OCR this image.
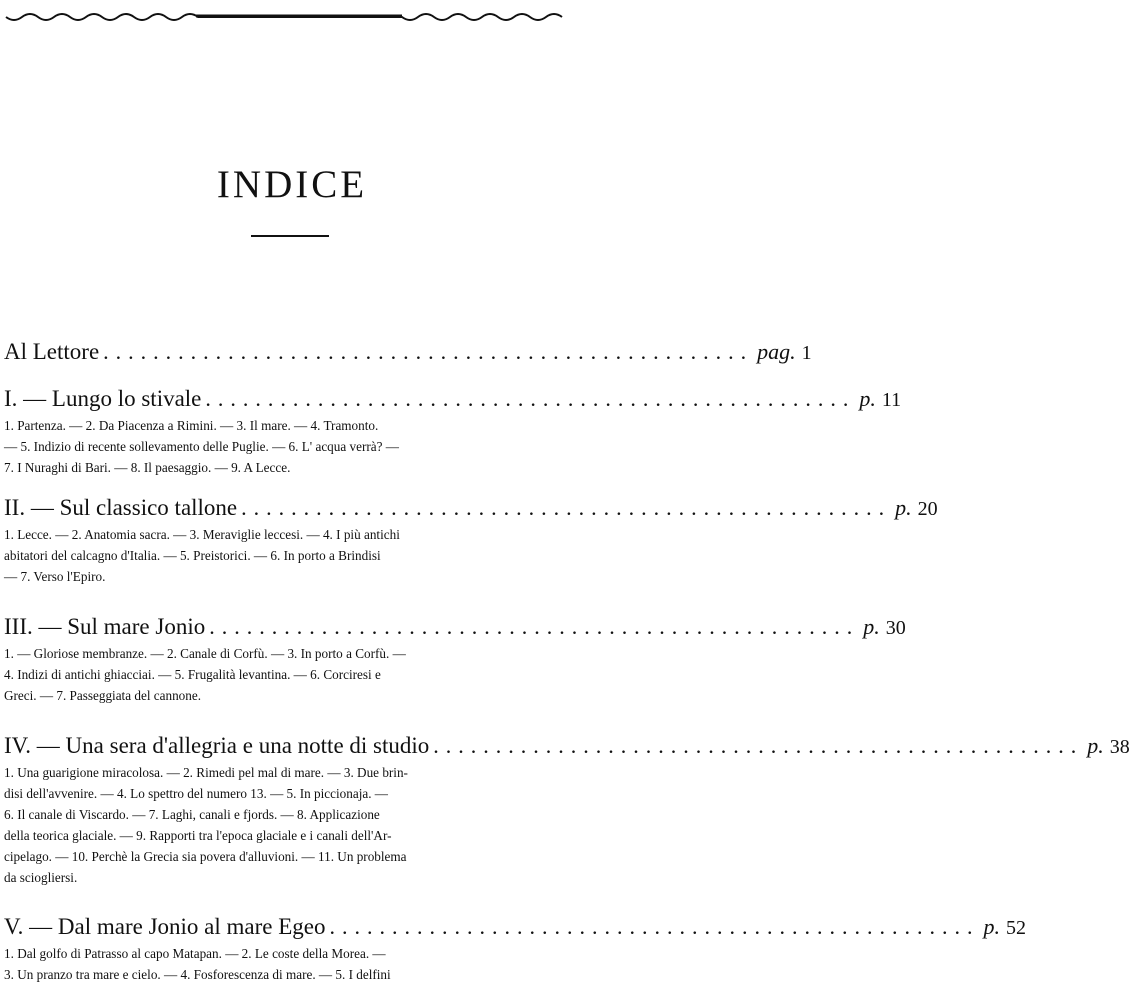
INDICE
Al Lettore .................................................... pag. 1
I. — Lungo lo stivale .................................................... p. 11
1. Partenza. — 2. Da Piacenza a Rimini. — 3. Il mare. — 4. Tramonto.
— 5. Indizio di recente sollevamento delle Puglie. — 6. L' acqua verrà? —
7. I Nuraghi di Bari. — 8. Il paesaggio. — 9. A Lecce.
II. — Sul classico tallone .................................................... p. 20
1. Lecce. — 2. Anatomia sacra. — 3. Meraviglie leccesi. — 4. I più antichi
abitatori del calcagno d'Italia. — 5. Preistorici. — 6. In porto a Brindisi
— 7. Verso l'Epiro.
III. — Sul mare Jonio .................................................... p. 30
1. — Gloriose membranze. — 2. Canale di Corfù. — 3. In porto a Corfù. —
4. Indizi di antichi ghiacciai. — 5. Frugalità levantina. — 6. Corciresi e
Greci. — 7. Passeggiata del cannone.
IV. — Una sera d'allegria e una notte di studio .................................................... p. 38
1. Una guarigione miracolosa. — 2. Rimedi pel mal di mare. — 3. Due brin-
disi dell'avvenire. — 4. Lo spettro del numero 13. — 5. In piccionaja. —
6. Il canale di Viscardo. — 7. Laghi, canali e fjords. — 8. Applicazione
della teorica glaciale. — 9. Rapporti tra l'epoca glaciale e i canali dell'Ar-
cipelago. — 10. Perchè la Grecia sia povera d'alluvioni. — 11. Un problema
da sciogliersi.
V. — Dal mare Jonio al mare Egeo .................................................... p. 52
1. Dal golfo di Patrasso al capo Matapan. — 2. Le coste della Morea. —
3. Un pranzo tra mare e cielo. — 4. Fosforescenza di mare. — 5. I delfini
